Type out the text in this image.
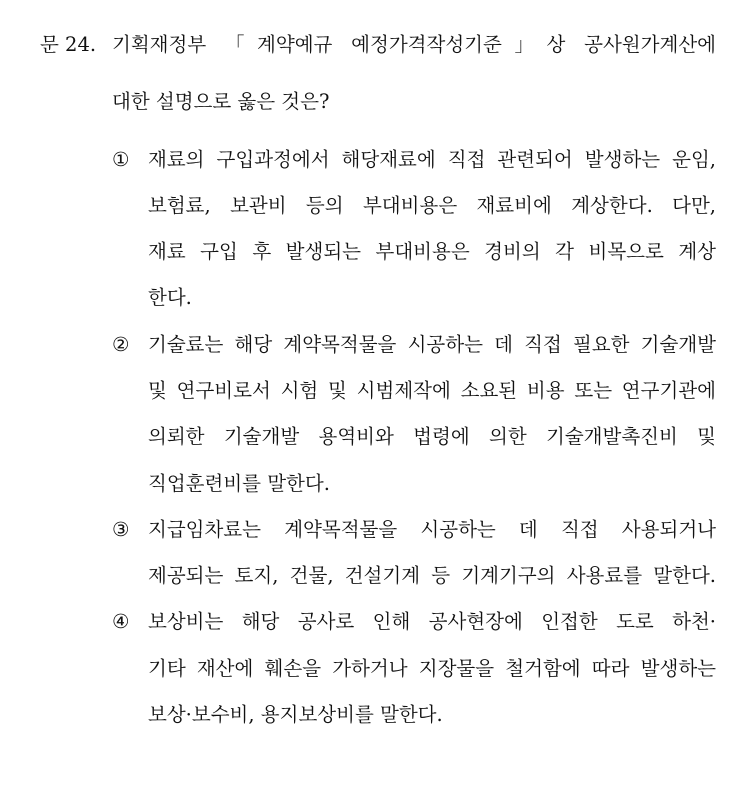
문 24. 기획재정부 「계약예규 예정가격작성기준」상 공사원가계산에
대한 설명으로 옳은 것은?
① 재료의 구입과정에서 해당재료에 직접 관련되어 발생하는 운임,
보험료, 보관비 등의 부대비용은 재료비에 계상한다. 다만,
재료 구입 후 발생되는 부대비용은 경비의 각 비목으로 계상
한다.
② 기술료는 해당 계약목적물을 시공하는 데 직접 필요한 기술개발
및 연구비로서 시험 및 시범제작에 소요된 비용 또는 연구기관에
의뢰한 기술개발 용역비와 법령에 의한 기술개발촉진비 및
직업훈련비를 말한다.
③ 지급임차료는 계약목적물을 시공하는 데 직접 사용되거나
제공되는 토지, 건물, 건설기계 등 기계기구의 사용료를 말한다.
④ 보상비는 해당 공사로 인해 공사현장에 인접한 도로 하천·
기타 재산에 훼손을 가하거나 지장물을 철거함에 따라 발생하는
보상·보수비, 용지보상비를 말한다.
